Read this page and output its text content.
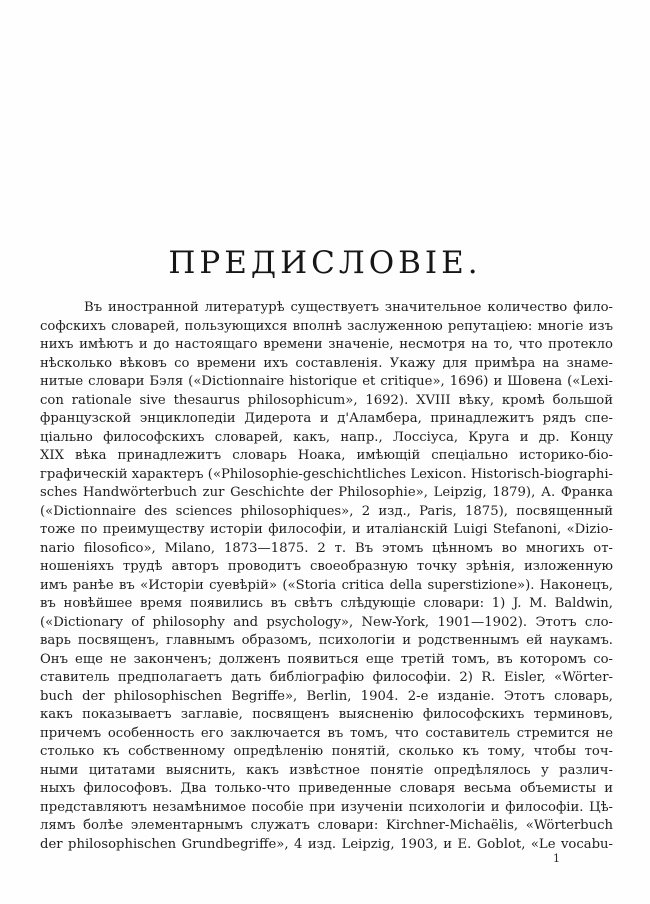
ПРЕДИСЛОВІЕ.
Въ иностранной литературѣ существуетъ значительное количество фило-
софскихъ словарей, пользующихся вполнѣ заслуженною репутаціею: многіе изъ
нихъ имѣютъ и до настоящаго времени значеніе, несмотря на то, что протекло
нѣсколько вѣковъ со времени ихъ составленія. Укажу для примѣра на знаме-
нитые словари Бэля («Dictionnaire historique et critique», 1696) и Шовена («Lexi-
con rationale sive thesaurus philosophicum», 1692). XVIII вѣку, кромѣ большой
французской энциклопедіи Дидерота и д'Аламбера, принадлежитъ рядъ спе-
ціально философскихъ словарей, какъ, напр., Лоссіуса, Круга и др. Концу
XIX вѣка принадлежитъ словарь Ноака, имѣющій спеціально историко-біо-
графическій характеръ («Philosophie-geschichtliches Lexicon. Historisch-biographi-
sches Handwörterbuch zur Geschichte der Philosophie», Leipzig, 1879), А. Франка
(«Dictionnaire des sciences philosophiques», 2 изд., Paris, 1875), посвященный
тоже по преимуществу исторіи философіи, и италіанскій Luigi Stefanoni, «Dizio-
nario filosofico», Milano, 1873—1875. 2 т. Въ этомъ цѣнномъ во многихъ от-
ношеніяхъ трудѣ авторъ проводитъ своеобразную точку зрѣнія, изложенную
имъ ранѣе въ «Исторіи суевѣрій» («Storia critica della superstizione»). Наконецъ,
въ новѣйшее время появились въ свѣтъ слѣдующіе словари: 1) J. M. Baldwin,
(«Dictionary of philosophy and psychology», New-York, 1901—1902). Этотъ сло-
варь посвященъ, главнымъ образомъ, психологіи и родственнымъ ей наукамъ.
Онъ еще не законченъ; долженъ появиться еще третій томъ, въ которомъ со-
ставитель предполагаетъ дать библіографію философіи. 2) R. Eisler, «Wörter-
buch der philosophischen Begriffe», Berlin, 1904. 2-е изданіе. Этотъ словарь,
какъ показываетъ заглавіе, посвященъ выясненію философскихъ терминовъ,
причемъ особенность его заключается въ томъ, что составитель стремится не
столько къ собственному опредѣленію понятій, сколько къ тому, чтобы точ-
ными цитатами выяснить, какъ извѣстное понятіе опредѣлялось у различ-
ныхъ философовъ. Два только-что приведенные словаря весьма объемисты и
представляютъ незамѣнимое пособіе при изученіи психологіи и философіи. Цѣ-
лямъ болѣе элементарнымъ служатъ словари: Kirchner-Michaëlis, «Wörterbuch
der philosophischen Grundbegriffe», 4 изд. Leipzig, 1903, и E. Goblot, «Le vocabu-
1
